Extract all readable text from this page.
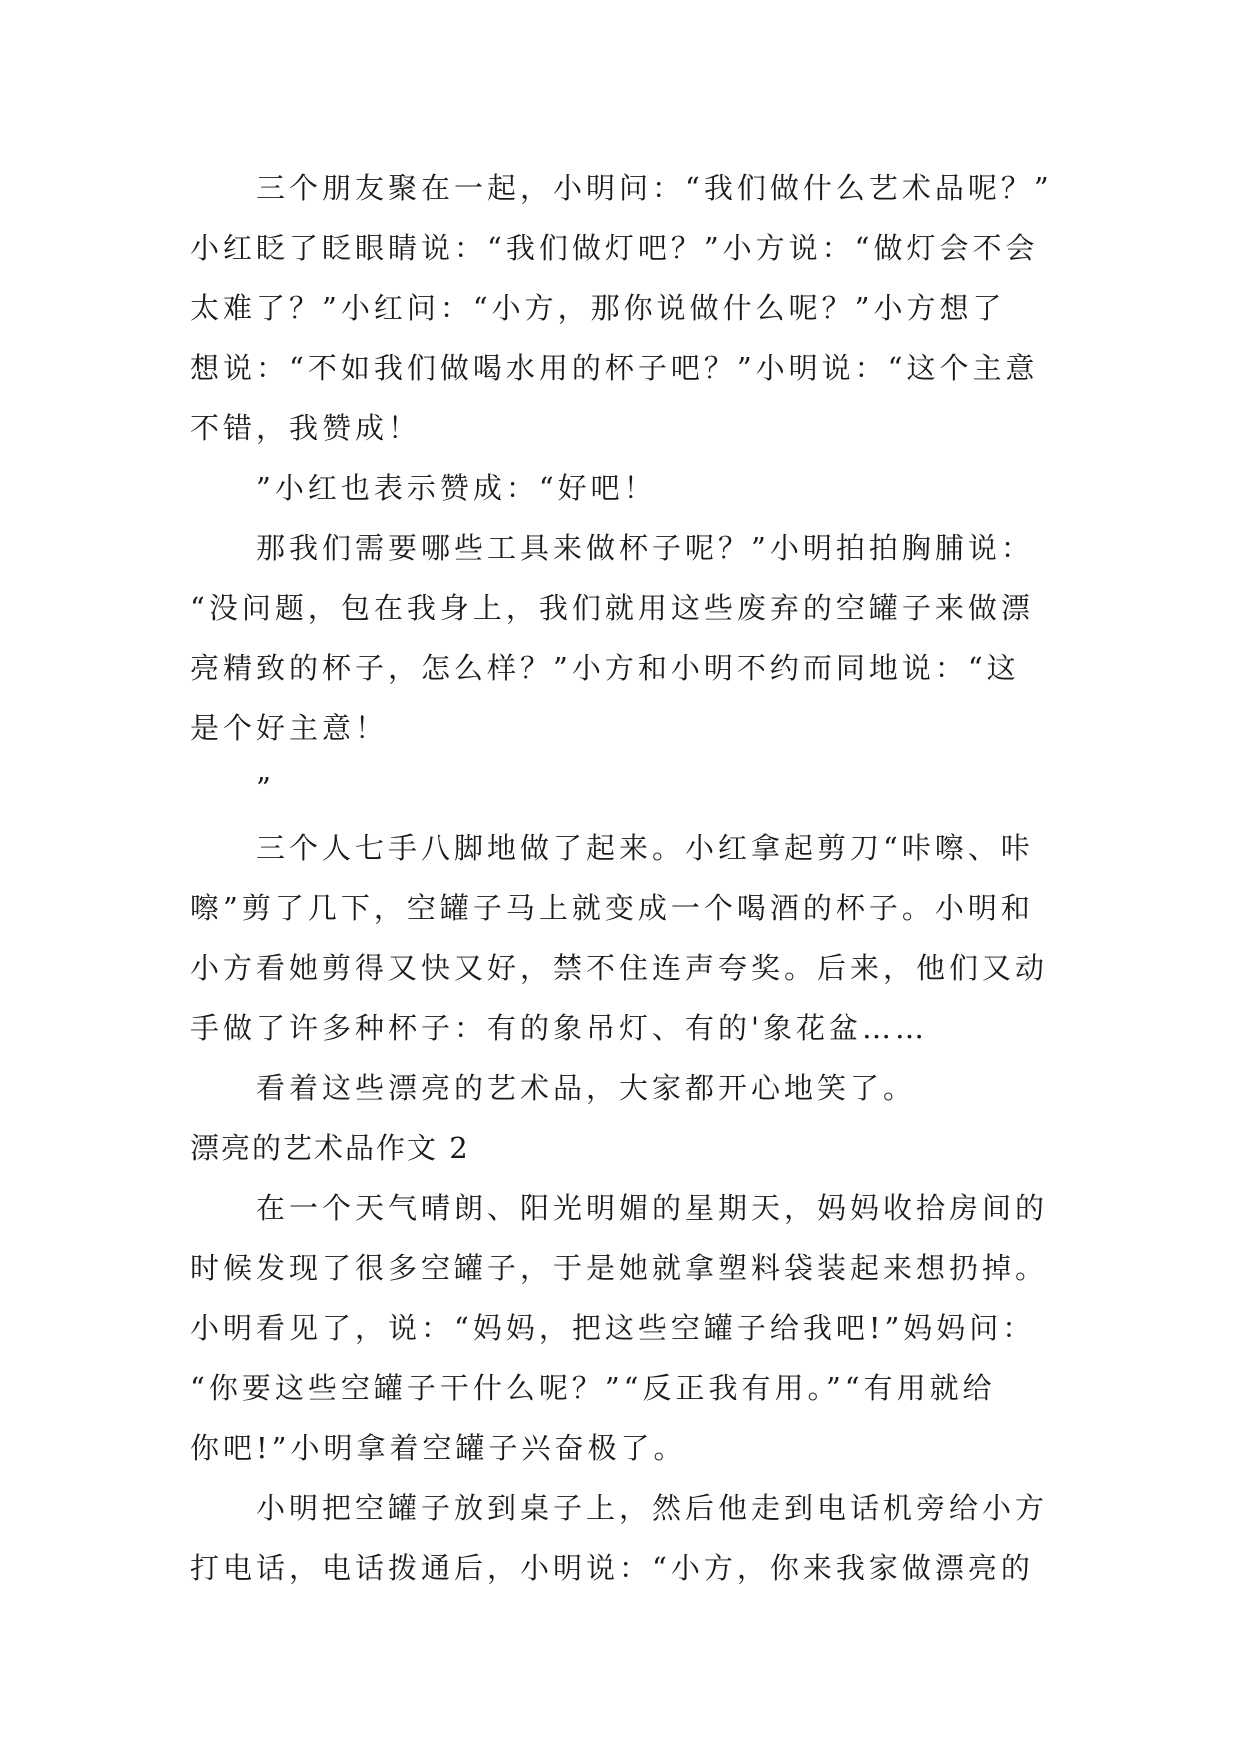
三个朋友聚在一起，小明问：“我们做什么艺术品呢？”

小红眨了眨眼睛说：“我们做灯吧？”小方说：“做灯会不会

太难了？”小红问：“小方，那你说做什么呢？”小方想了

想说：“不如我们做喝水用的杯子吧？”小明说：“这个主意

不错，我赞成！

”小红也表示赞成：“好吧！

那我们需要哪些工具来做杯子呢？”小明拍拍胸脯说：

“没问题，包在我身上，我们就用这些废弃的空罐子来做漂

亮精致的杯子，怎么样？”小方和小明不约而同地说：“这

是个好主意！

”

三个人七手八脚地做了起来。小红拿起剪刀“咔嚓、咔

嚓”剪了几下，空罐子马上就变成一个喝酒的杯子。小明和

小方看她剪得又快又好，禁不住连声夸奖。后来，他们又动

手做了许多种杯子：有的象吊灯、有的'象花盆……

看着这些漂亮的艺术品，大家都开心地笑了。

漂亮的艺术品作文 2

在一个天气晴朗、阳光明媚的星期天，妈妈收拾房间的

时候发现了很多空罐子，于是她就拿塑料袋装起来想扔掉。

小明看见了，说：“妈妈，把这些空罐子给我吧!”妈妈问：

“你要这些空罐子干什么呢？”“反正我有用。”“有用就给

你吧!”小明拿着空罐子兴奋极了。

小明把空罐子放到桌子上，然后他走到电话机旁给小方

打电话，电话拨通后，小明说：“小方，你来我家做漂亮的
